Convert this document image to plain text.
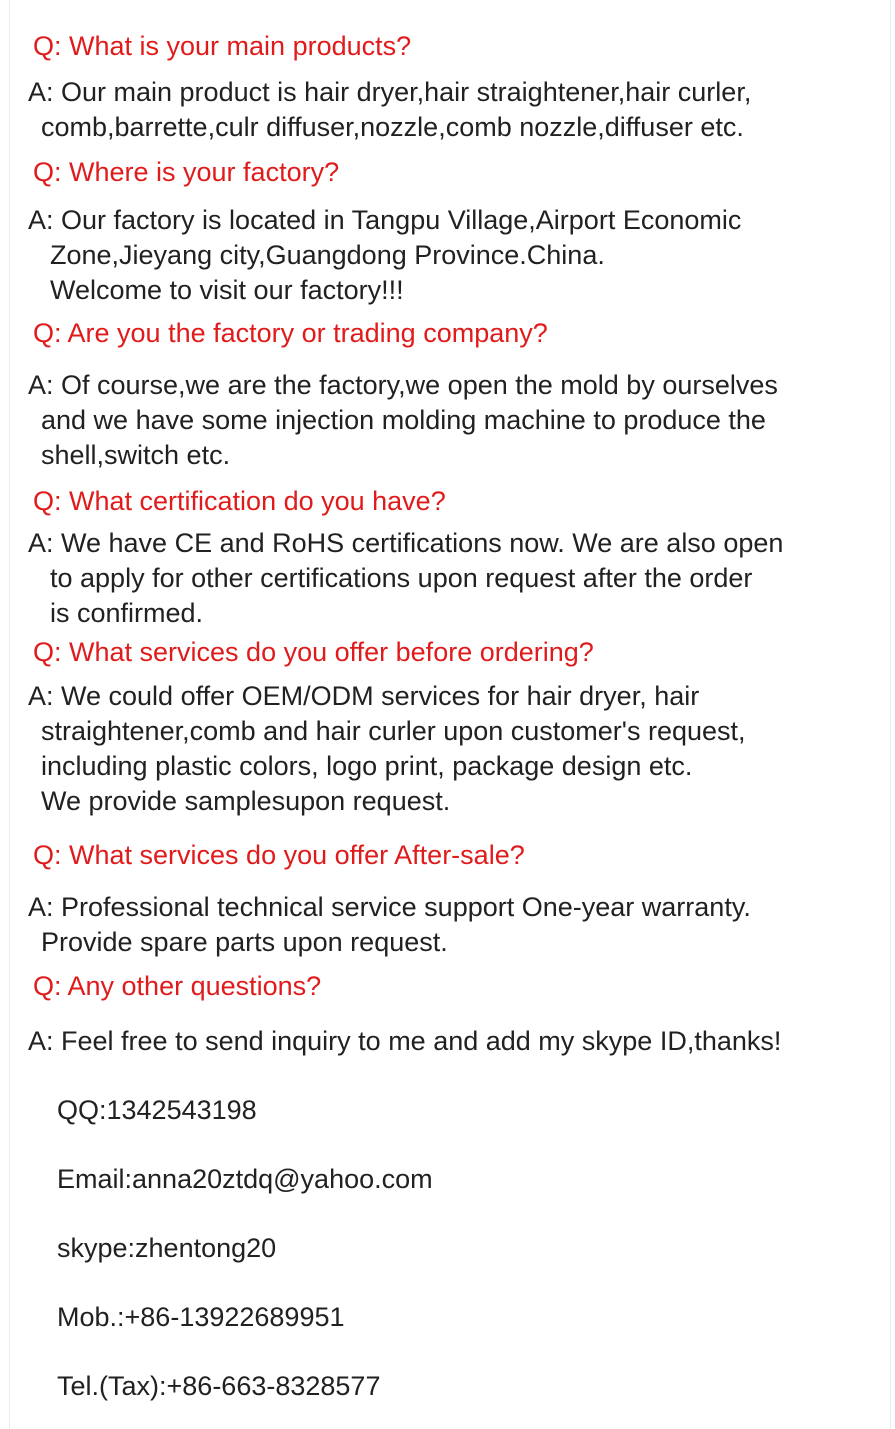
Q: What is your main products?
A: Our main product is hair dryer,hair straightener,hair curler,
comb,barrette,culr diffuser,nozzle,comb nozzle,diffuser etc.
Q: Where is your factory?
A: Our factory is located in Tangpu Village,Airport Economic
Zone,Jieyang city,Guangdong Province.China.
Welcome to visit our factory!!!
Q: Are you the factory or trading company?
A: Of course,we are the factory,we open the mold by ourselves
and we have some injection molding machine to produce the
shell,switch etc.
Q: What certification do you have?
A: We have CE and RoHS certifications now. We are also open
to apply for other certifications upon request after the order
is confirmed.
Q: What services do you offer before ordering?
A: We could offer OEM/ODM services for hair dryer, hair
straightener,comb and hair curler upon customer's request,
including plastic colors, logo print, package design etc.
We provide samplesupon request.
Q: What services do you offer After-sale?
A: Professional technical service support One-year warranty.
Provide spare parts upon request.
Q: Any other questions?
A: Feel free to send inquiry to me and add my skype ID,thanks!
QQ:1342543198
Email:anna20ztdq@yahoo.com
skype:zhentong20
Mob.:+86-13922689951
Tel.(Tax):+86-663-8328577
